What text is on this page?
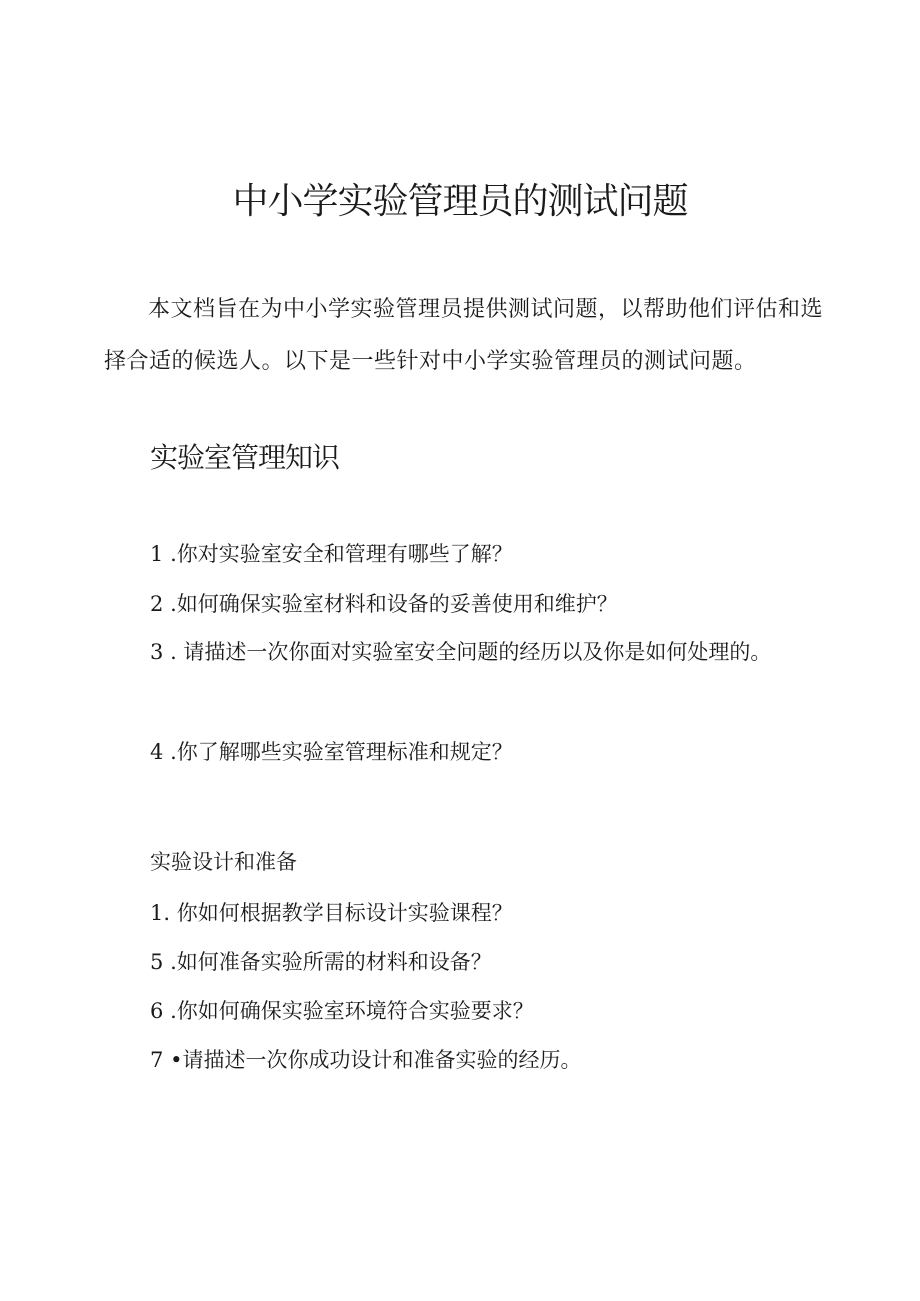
中小学实验管理员的测试问题

本文档旨在为中小学实验管理员提供测试问题，以帮助他们评估和选择合适的候选人。以下是一些针对中小学实验管理员的测试问题。

实验室管理知识

1 .你对实验室安全和管理有哪些了解？

2 .如何确保实验室材料和设备的妥善使用和维护？

3 . 请描述一次你面对实验室安全问题的经历以及你是如何处理的。

4 .你了解哪些实验室管理标准和规定？

实验设计和准备

1. 你如何根据教学目标设计实验课程？

5 .如何准备实验所需的材料和设备？

6 .你如何确保实验室环境符合实验要求？

7 •请描述一次你成功设计和准备实验的经历。
